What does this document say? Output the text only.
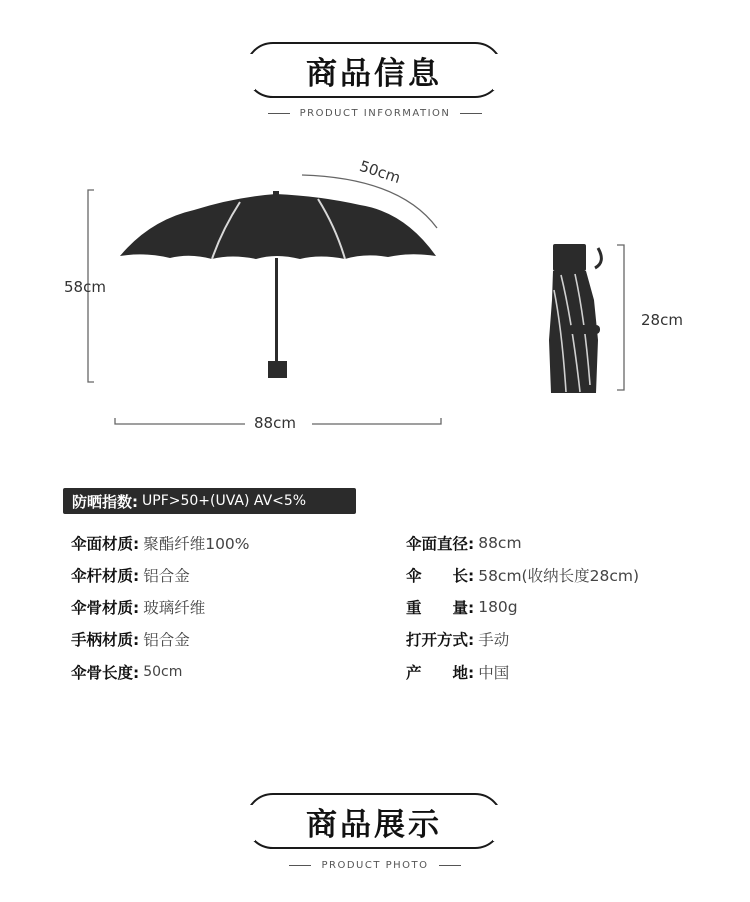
商品信息
PRODUCT INFORMATION
58cm
50cm
88cm
28cm
防晒指数: UPF>50+(UVA) AV<5%
伞面材质: 聚酯纤维100%
伞杆材质: 铝合金
伞骨材质: 玻璃纤维
手柄材质: 铝合金
伞骨长度: 50cm
伞面直径: 88cm
伞　　长: 58cm(收纳长度28cm)
重　　量: 180g
打开方式: 手动
产　　地: 中国
商品展示
PRODUCT PHOTO
